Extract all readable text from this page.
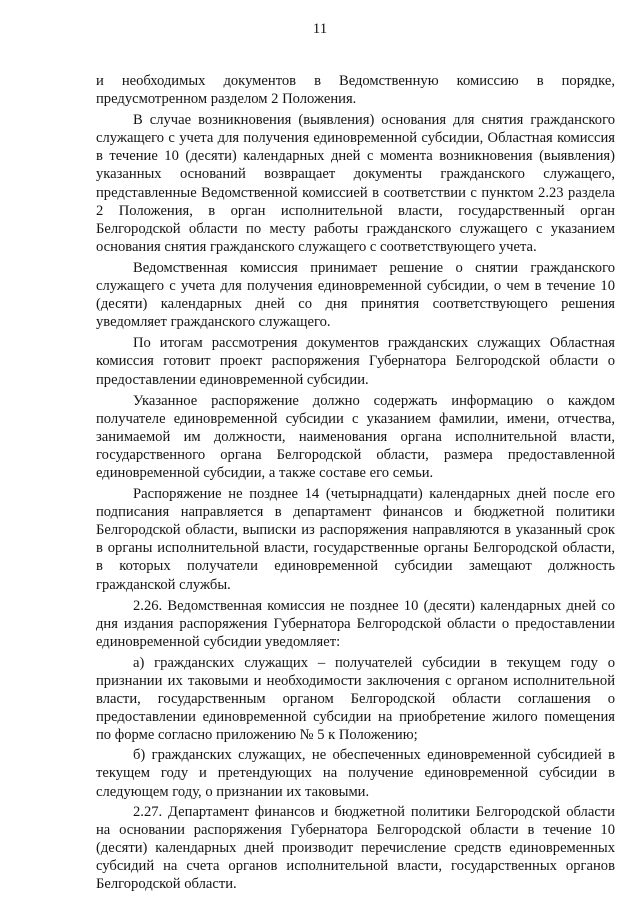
11

и необходимых документов в Ведомственную комиссию в порядке, предусмотренном разделом 2 Положения.

В случае возникновения (выявления) основания для снятия гражданского служащего с учета для получения единовременной субсидии, Областная комиссия в течение 10 (десяти) календарных дней с момента возникновения (выявления) указанных оснований возвращает документы гражданского служащего, представленные Ведомственной комиссией в соответствии с пунктом 2.23 раздела 2 Положения, в орган исполнительной власти, государственный орган Белгородской области по месту работы гражданского служащего с указанием основания снятия гражданского служащего с соответствующего учета.

Ведомственная комиссия принимает решение о снятии гражданского служащего с учета для получения единовременной субсидии, о чем в течение 10 (десяти) календарных дней со дня принятия соответствующего решения уведомляет гражданского служащего.

По итогам рассмотрения документов гражданских служащих Областная комиссия готовит проект распоряжения Губернатора Белгородской области о предоставлении единовременной субсидии.

Указанное распоряжение должно содержать информацию о каждом получателе единовременной субсидии с указанием фамилии, имени, отчества, занимаемой им должности, наименования органа исполнительной власти, государственного органа Белгородской области, размера предоставленной единовременной субсидии, а также составе его семьи.

Распоряжение не позднее 14 (четырнадцати) календарных дней после его подписания направляется в департамент финансов и бюджетной политики Белгородской области, выписки из распоряжения направляются в указанный срок в органы исполнительной власти, государственные органы Белгородской области, в которых получатели единовременной субсидии замещают должность гражданской службы.

2.26. Ведомственная комиссия не позднее 10 (десяти) календарных дней со дня издания распоряжения Губернатора Белгородской области о предоставлении единовременной субсидии уведомляет:

а) гражданских служащих – получателей субсидии в текущем году о признании их таковыми и необходимости заключения с органом исполнительной власти, государственным органом Белгородской области соглашения о предоставлении единовременной субсидии на приобретение жилого помещения по форме согласно приложению № 5 к Положению;

б) гражданских служащих, не обеспеченных единовременной субсидией в текущем году и претендующих на получение единовременной субсидии в следующем году, о признании их таковыми.

2.27. Департамент финансов и бюджетной политики Белгородской области на основании распоряжения Губернатора Белгородской области в течение 10 (десяти) календарных дней производит перечисление средств единовременных субсидий на счета органов исполнительной власти, государственных органов Белгородской области.
